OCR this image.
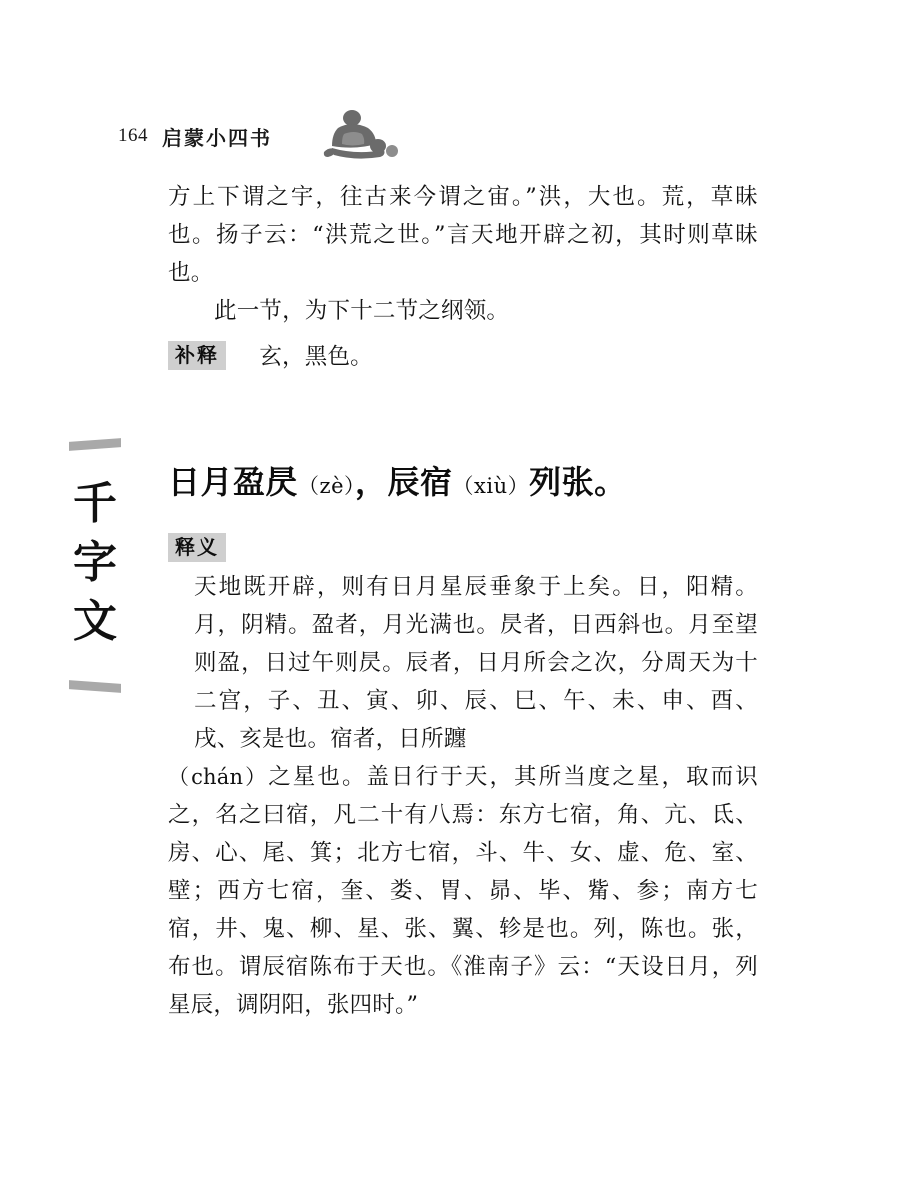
164 启蒙小四书
千
字
文

方上下谓之宇，往古来今谓之宙。”洪，大也。荒，草昧也。扬子云：“洪荒之世。”言天地开辟之初，其时则草昧也。

此一节，为下十二节之纲领。

补释 玄，黑色。
日月盈昃（zè），辰宿（xiù）列张。
释义天地既开辟，则有日月星辰垂象于上矣。日，阳精。月，阴精。盈者，月光满也。昃者，日西斜也。月至望则盈，日过午则昃。辰者，日月所会之次，分周天为十二宫，子、丑、寅、卯、辰、巳、午、未、申、酉、戌、亥是也。宿者，日所躔（chán）之星也。盖日行于天，其所当度之星，取而识之，名之曰宿，凡二十有八焉：东方七宿，角、亢、氐、房、心、尾、箕；北方七宿，斗、牛、女、虚、危、室、壁；西方七宿，奎、娄、胃、昴、毕、觜、参；南方七宿，井、鬼、柳、星、张、翼、轸是也。列，陈也。张，布也。谓辰宿陈布于天也。《淮南子》云：“天设日月，列星辰，调阴阳，张四时。”
